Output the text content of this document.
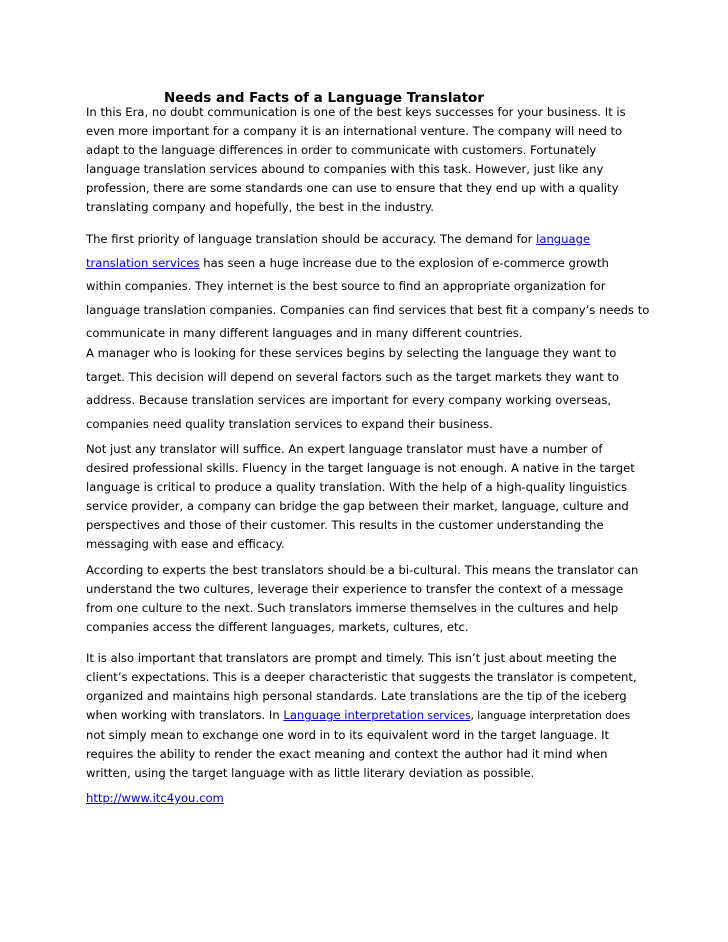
Needs and Facts of a Language Translator
In this Era, no doubt communication is one of the best keys successes for your business. It is
even more important for a company it is an international venture. The company will need to
adapt to the language differences in order to communicate with customers. Fortunately
language translation services abound to companies with this task. However, just like any
profession, there are some standards one can use to ensure that they end up with a quality
translating company and hopefully, the best in the industry.
The first priority of language translation should be accuracy. The demand for language
translation services has seen a huge increase due to the explosion of e-commerce growth
within companies. They internet is the best source to find an appropriate organization for
language translation companies. Companies can find services that best fit a company’s needs to
communicate in many different languages and in many different countries.
A manager who is looking for these services begins by selecting the language they want to
target. This decision will depend on several factors such as the target markets they want to
address. Because translation services are important for every company working overseas,
companies need quality translation services to expand their business.
Not just any translator will suffice. An expert language translator must have a number of
desired professional skills. Fluency in the target language is not enough. A native in the target
language is critical to produce a quality translation. With the help of a high-quality linguistics
service provider, a company can bridge the gap between their market, language, culture and
perspectives and those of their customer. This results in the customer understanding the
messaging with ease and efficacy.
According to experts the best translators should be a bi-cultural. This means the translator can
understand the two cultures, leverage their experience to transfer the context of a message
from one culture to the next. Such translators immerse themselves in the cultures and help
companies access the different languages, markets, cultures, etc.
It is also important that translators are prompt and timely. This isn’t just about meeting the
client’s expectations. This is a deeper characteristic that suggests the translator is competent,
organized and maintains high personal standards. Late translations are the tip of the iceberg
when working with translators. In Language interpretation services, language interpretation does
not simply mean to exchange one word in to its equivalent word in the target language. It
requires the ability to render the exact meaning and context the author had it mind when
written, using the target language with as little literary deviation as possible.
http://www.itc4you.com
